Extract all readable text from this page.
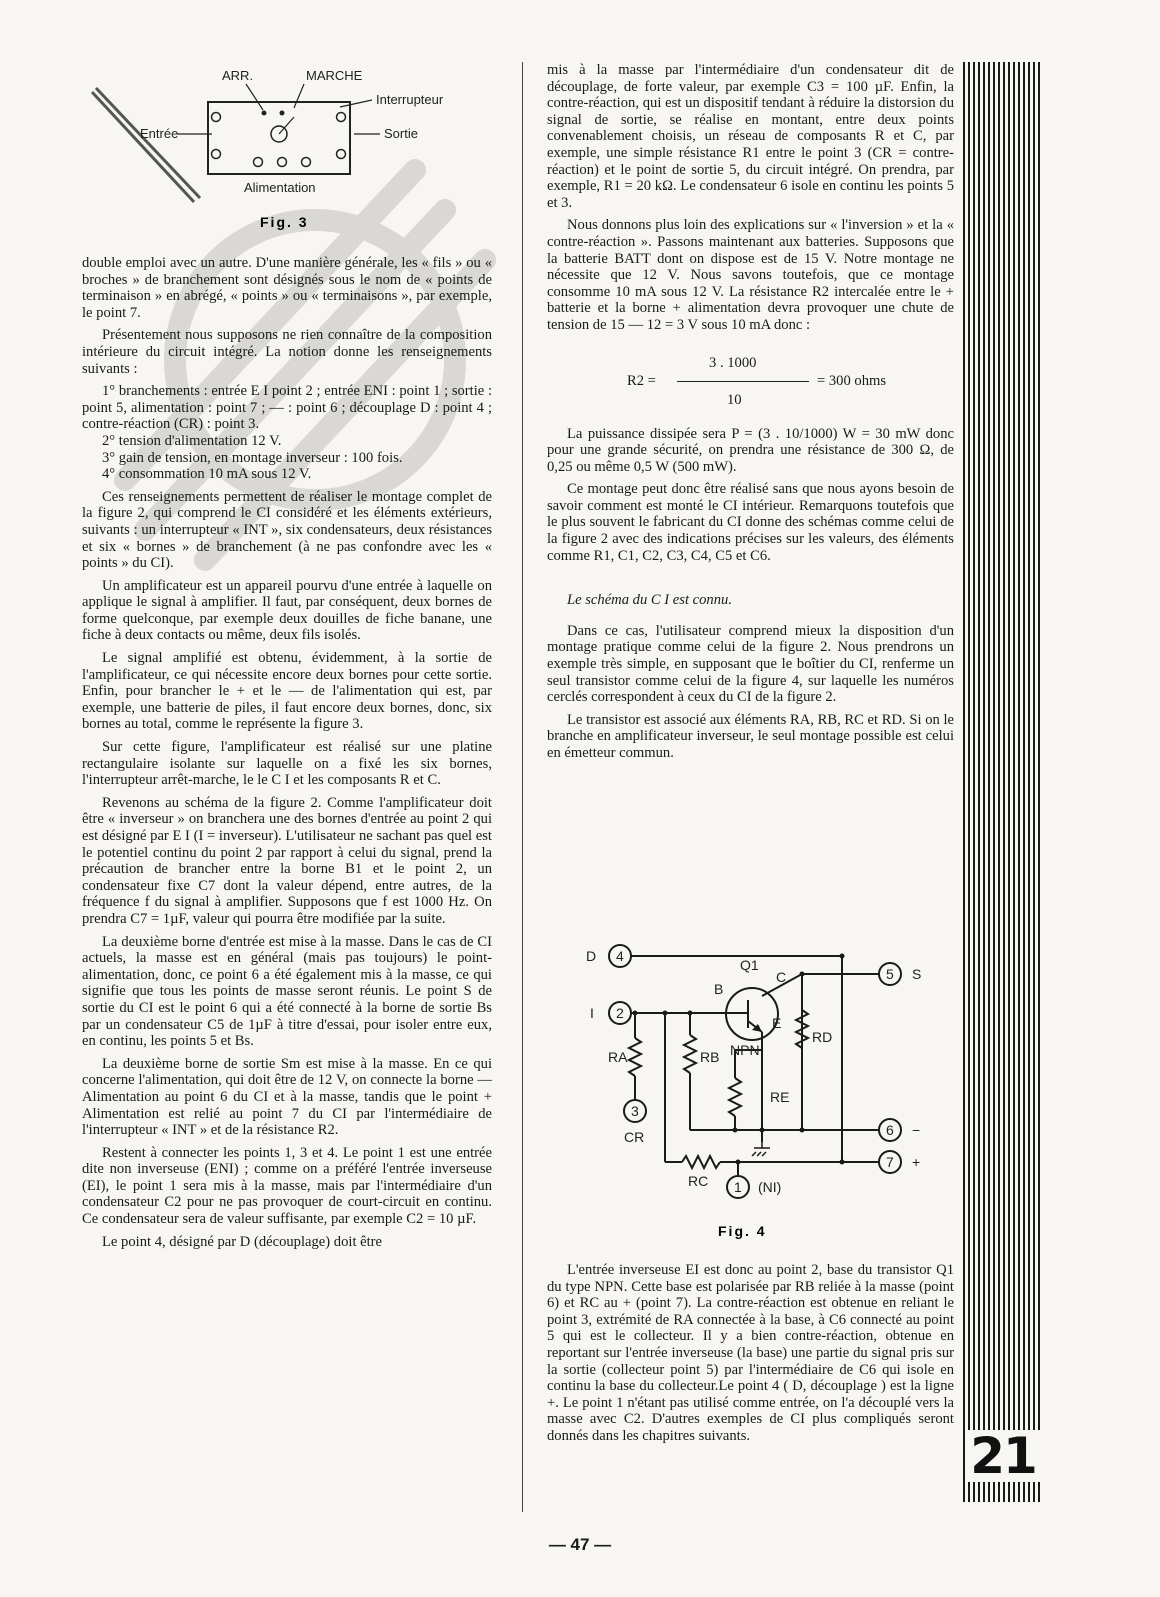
ARR.	MARCHE
Interrupteur
Entrée	Sortie
Alimentation
Fig. 3

double emploi avec un autre. D'une manière générale, les « fils » ou « broches » de branchement sont désignés sous le nom de « points de terminaison » en abrégé, « points » ou « terminaisons », par exemple, le point 7.

Présentement nous supposons ne rien connaître de la composition intérieure du circuit intégré. La notion donne les renseignements suivants :

1° branchements : entrée E I point 2 ; entrée ENI : point 1 ; sortie : point 5, alimentation : point 7 ; — : point 6 ; découplage D : point 4 ; contre-réaction (CR) : point 3.
2° tension d'alimentation 12 V.
3° gain de tension, en montage inverseur : 100 fois.
4° consommation 10 mA sous 12 V.

Ces renseignements permettent de réaliser le montage complet de la figure 2, qui comprend le CI considéré et les éléments extérieurs, suivants : un interrupteur « INT », six condensateurs, deux résistances et six « bornes » de branchement (à ne pas confondre avec les « points » du CI).

Un amplificateur est un appareil pourvu d'une entrée à laquelle on applique le signal à amplifier. Il faut, par conséquent, deux bornes de forme quelconque, par exemple deux douilles de fiche banane, une fiche à deux contacts ou même, deux fils isolés.

Le signal amplifié est obtenu, évidemment, à la sortie de l'amplificateur, ce qui nécessite encore deux bornes pour cette sortie. Enfin, pour brancher le + et le — de l'alimentation qui est, par exemple, une batterie de piles, il faut encore deux bornes, donc, six bornes au total, comme le représente la figure 3.

Sur cette figure, l'amplificateur est réalisé sur une platine rectangulaire isolante sur laquelle on a fixé les six bornes, l'interrupteur arrêt-marche, le le C I et les composants R et C.

Revenons au schéma de la figure 2. Comme l'amplificateur doit être « inverseur » on branchera une des bornes d'entrée au point 2 qui est désigné par E I (I = inverseur). L'utilisateur ne sachant pas quel est le potentiel continu du point 2 par rapport à celui du signal, prend la précaution de brancher entre la borne B1 et le point 2, un condensateur fixe C7 dont la valeur dépend, entre autres, de la fréquence f du signal à amplifier. Supposons que f est 1000 Hz. On prendra C7 = 1µF, valeur qui pourra être modifiée par la suite.

La deuxième borne d'entrée est mise à la masse. Dans le cas de CI actuels, la masse est en général (mais pas toujours) le point-alimentation, donc, ce point 6 a été également mis à la masse, ce qui signifie que tous les points de masse seront réunis. Le point S de sortie du CI est le point 6 qui a été connecté à la borne de sortie Bs par un condensateur C5 de 1µF à titre d'essai, pour isoler entre eux, en continu, les points 5 et Bs.

La deuxième borne de sortie Sm est mise à la masse. En ce qui concerne l'alimentation, qui doit être de 12 V, on connecte la borne — Alimentation au point 6 du CI et à la masse, tandis que le point + Alimentation est relié au point 7 du CI par l'intermédiaire de l'interrupteur « INT » et de la résistance R2.

Restent à connecter les points 1, 3 et 4. Le point 1 est une entrée dite non inverseuse (ENI) ; comme on a préféré l'entrée inverseuse (EI), le point 1 sera mis à la masse, mais par l'intermédiaire d'un condensateur C2 pour ne pas provoquer de court-circuit en continu. Ce condensateur sera de valeur suffisante, par exemple C2 = 10 µF.

Le point 4, désigné par D (découplage) doit être

mis à la masse par l'intermédiaire d'un condensateur dit de découplage, de forte valeur, par exemple C3 = 100 µF. Enfin, la contre-réaction, qui est un dispositif tendant à réduire la distorsion du signal de sortie, se réalise en montant, entre deux points convenablement choisis, un réseau de composants R et C, par exemple, une simple résistance R1 entre le point 3 (CR = contre-réaction) et le point de sortie 5, du circuit intégré. On prendra, par exemple, R1 = 20 kΩ. Le condensateur 6 isole en continu les points 5 et 3.

Nous donnons plus loin des explications sur « l'inversion » et la « contre-réaction ». Passons maintenant aux batteries. Supposons que la batterie BATT dont on dispose est de 15 V. Notre montage ne nécessite que 12 V. Nous savons toutefois, que ce montage consomme 10 mA sous 12 V. La résistance R2 intercalée entre le + batterie et la borne + alimentation devra provoquer une chute de tension de 15 — 12 = 3 V sous 10 mA donc :

R2 =
3 . 1000
10
= 300 ohms

La puissance dissipée sera P = (3 . 10/1000) W = 30 mW donc pour une grande sécurité, on prendra une résistance de 300 Ω, de 0,25 ou même 0,5 W (500 mW).

Ce montage peut donc être réalisé sans que nous ayons besoin de savoir comment est monté le CI intérieur. Remarquons toutefois que le plus souvent le fabricant du CI donne des schémas comme celui de la figure 2 avec des indications précises sur les valeurs, des éléments comme R1, C1, C2, C3, C4, C5 et C6.

Le schéma du C I est connu.

Dans ce cas, l'utilisateur comprend mieux la disposition d'un montage pratique comme celui de la figure 2. Nous prendrons un exemple très simple, en supposant que le boîtier du CI, renferme un seul transistor comme celui de la figure 4, sur laquelle les numéros cerclés correspondent à ceux du CI de la figure 2.

Le transistor est associé aux éléments RA, RB, RC et RD. Si on le branche en amplificateur inverseur, le seul montage possible est celui en émetteur commun.

4
2
3
5
6
7
1
D
I
S
−
+
CR
(NI)
Q1
B
C
E
NPN
RA	RB
RC
RD
RE
Fig. 4
21
— 47 —

L'entrée inverseuse EI est donc au point 2, base du transistor Q1 du type NPN. Cette base est polarisée par RB reliée à la masse (point 6) et RC au + (point 7). La contre-réaction est obtenue en reliant le point 3, extrémité de RA connectée à la base, à C6 connecté au point 5 qui est le collecteur. Il y a bien contre-réaction, obtenue en reportant sur l'entrée inverseuse (la base) une partie du signal pris sur la sortie (collecteur point 5) par l'intermédiaire de C6 qui isole en continu la base du collecteur.Le point 4 ( D, découplage ) est la ligne +. Le point 1 n'étant pas utilisé comme entrée, on l'a découplé vers la masse avec C2. D'autres exemples de CI plus compliqués seront donnés dans les chapitres suivants.
